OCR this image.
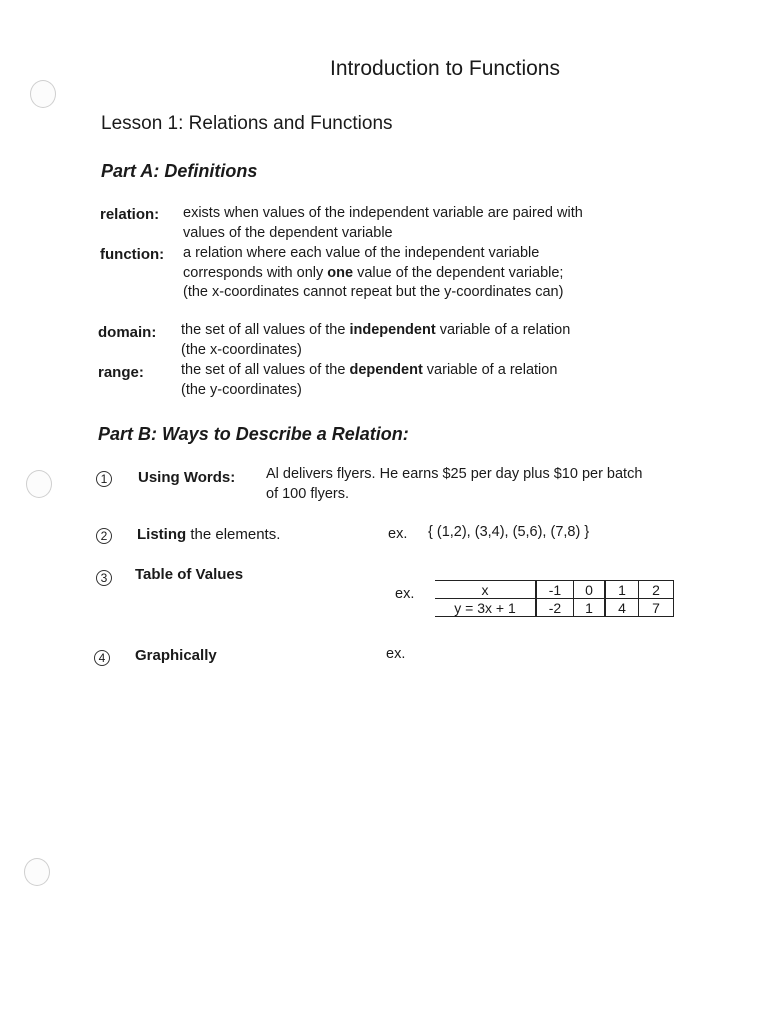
Introduction to Functions
Lesson 1: Relations and Functions
Part A: Definitions
relation: exists when values of the independent variable are paired with
values of the dependent variable
function: a relation where each value of the independent variable
corresponds with only one value of the dependent variable;
(the x-coordinates cannot repeat but the y-coordinates can)
domain: the set of all values of the independent variable of a relation
(the x-coordinates)
range:	the set of all values of the dependent variable of a relation
(the y-coordinates)
Part B: Ways to Describe a Relation:
1	Using Words: Al delivers flyers. He earns $25 per day plus $10 per batch
of 100 flyers.
2	Listing the elements.	ex. { (1,2), (3,4), (5,6), (7,8) }
3	Table of Values
ex.	x	-1	0	1	2
y = 3x + 1	-2	1	4	7
4	Graphically	ex.
